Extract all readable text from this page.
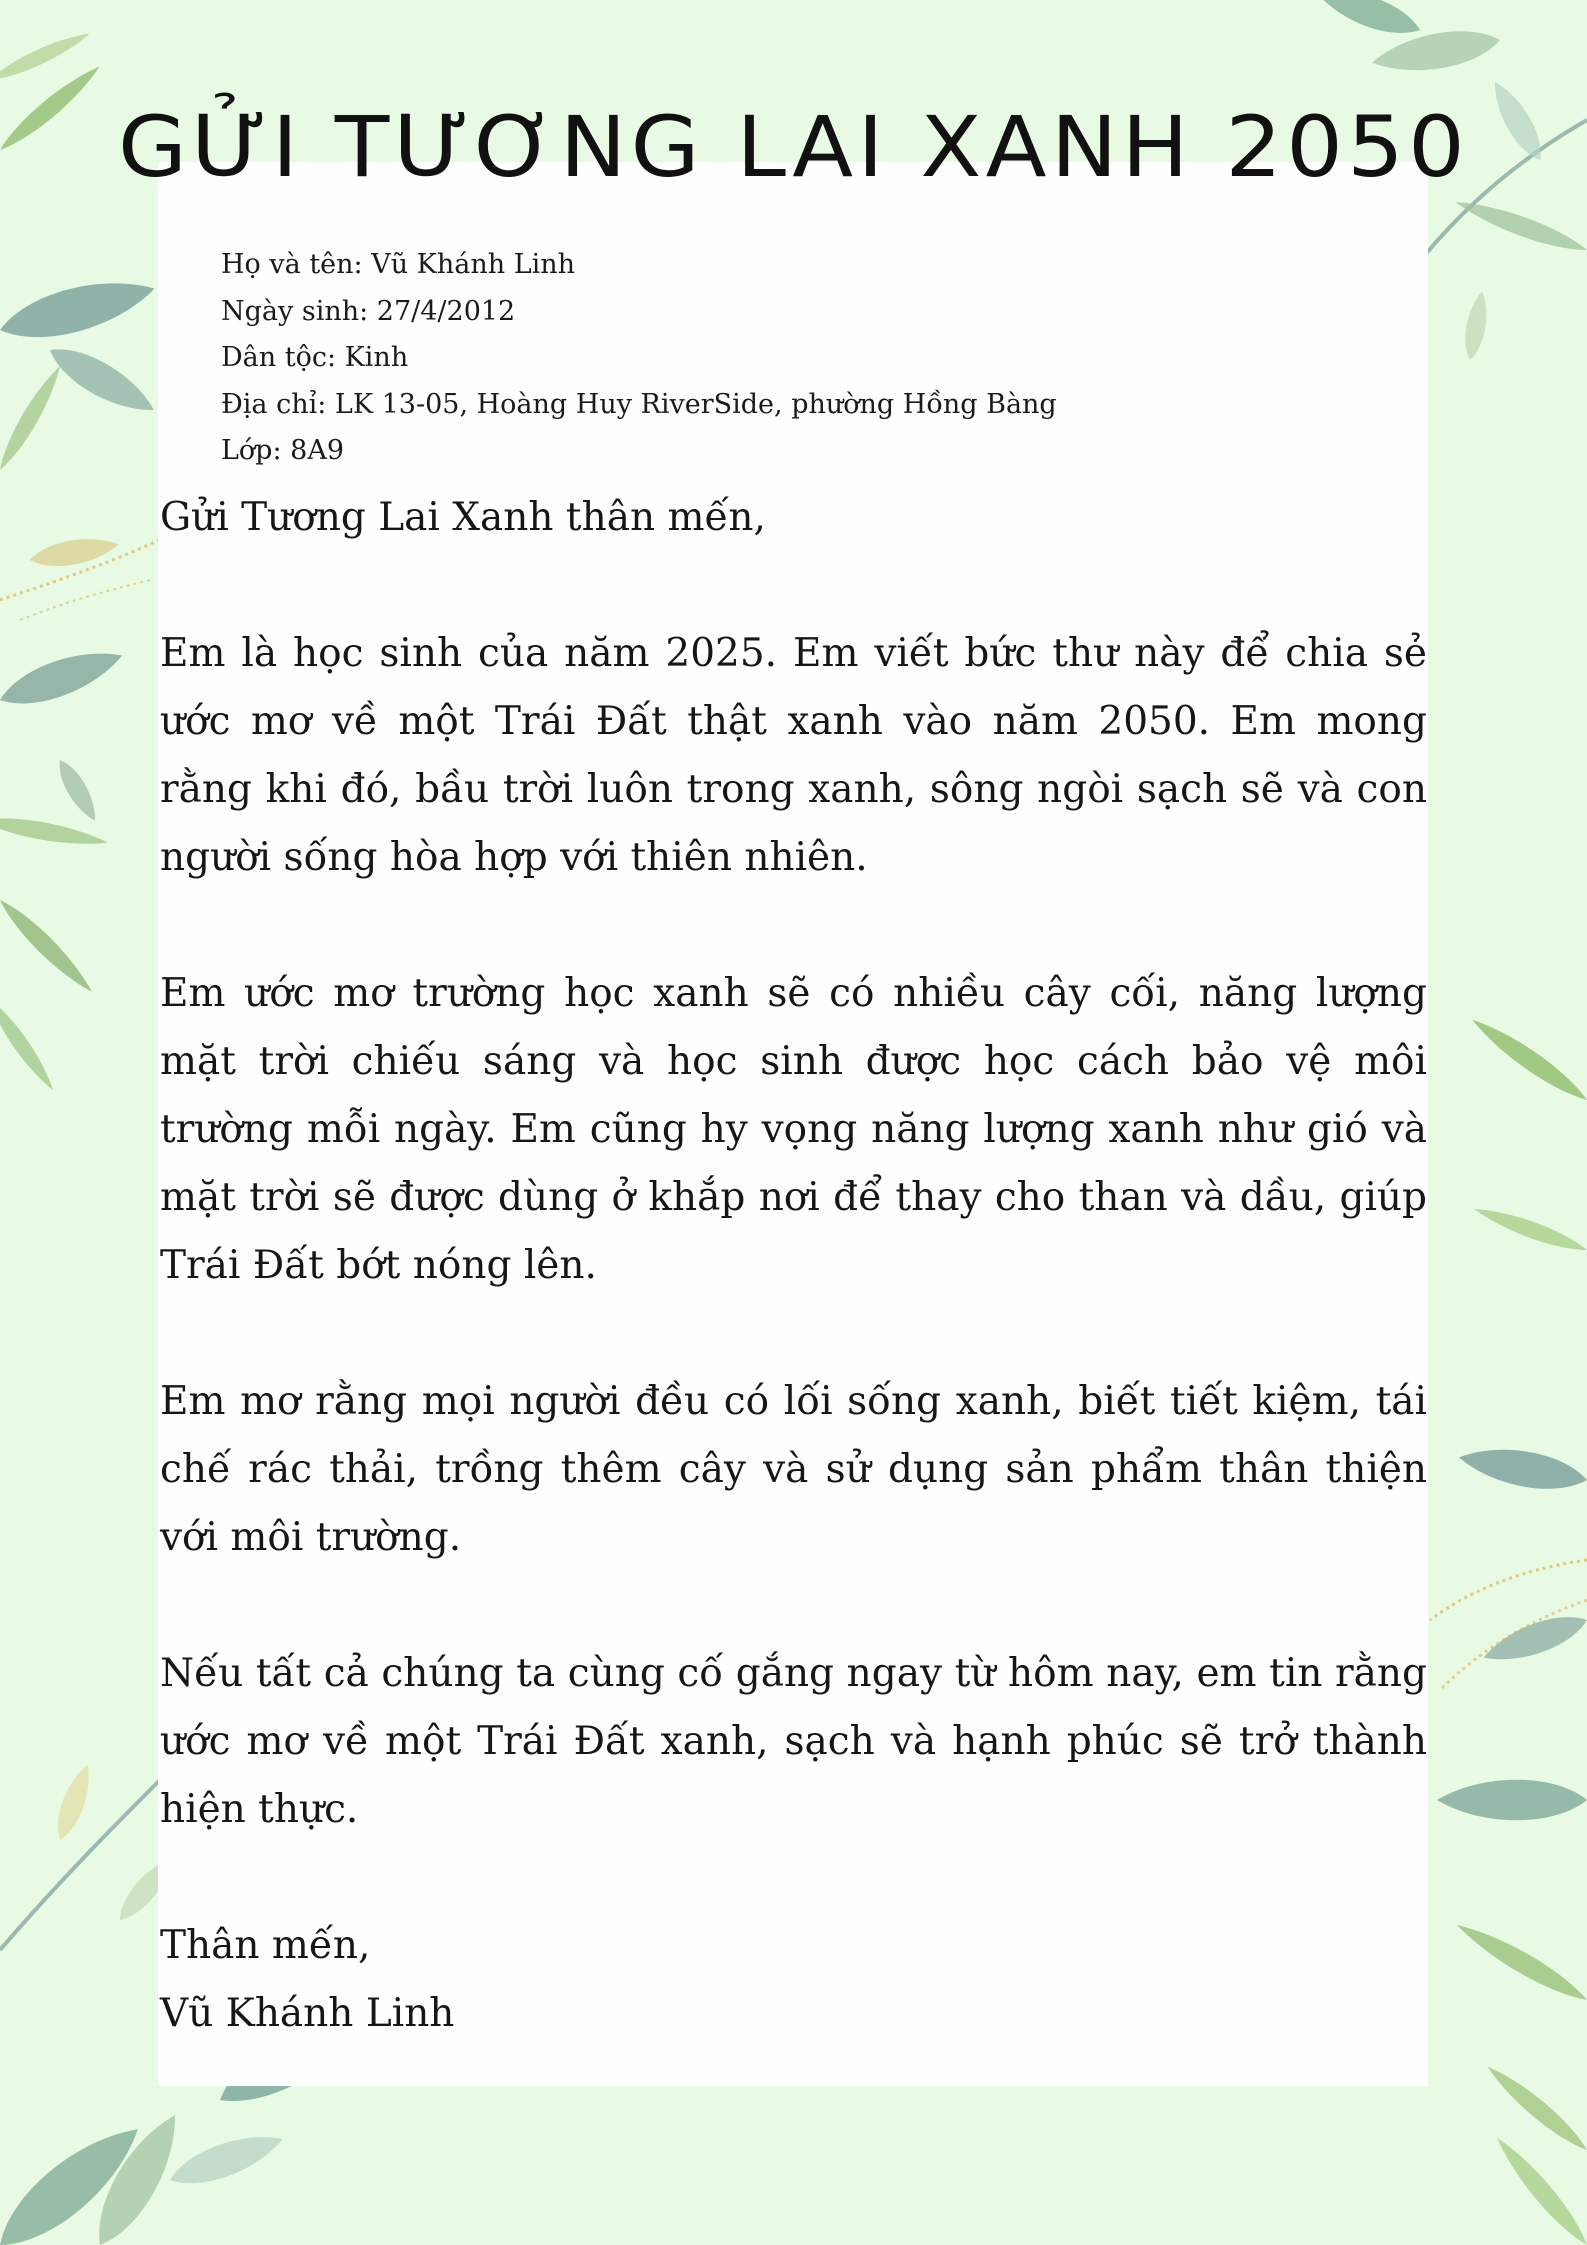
GỬI TƯƠNG LAI XANH 2050
Họ và tên: Vũ Khánh Linh
Ngày sinh: 27/4/2012
Dân tộc: Kinh
Địa chỉ: LK 13-05, Hoàng Huy RiverSide, phường Hồng Bàng
Lớp: 8A9

Gửi Tương Lai Xanh thân mến,

Em là học sinh của năm 2025. Em viết bức thư này để chia sẻ ước mơ về một Trái Đất thật xanh vào năm 2050. Em mong rằng khi đó, bầu trời luôn trong xanh, sông ngòi sạch sẽ và con người sống hòa hợp với thiên nhiên.

Em ước mơ trường học xanh sẽ có nhiều cây cối, năng lượng mặt trời chiếu sáng và học sinh được học cách bảo vệ môi trường mỗi ngày. Em cũng hy vọng năng lượng xanh như gió và mặt trời sẽ được dùng ở khắp nơi để thay cho than và dầu, giúp Trái Đất bớt nóng lên.

Em mơ rằng mọi người đều có lối sống xanh, biết tiết kiệm, tái chế rác thải, trồng thêm cây và sử dụng sản phẩm thân thiện với môi trường.

Nếu tất cả chúng ta cùng cố gắng ngay từ hôm nay, em tin rằng ước mơ về một Trái Đất xanh, sạch và hạnh phúc sẽ trở thành hiện thực.

Thân mến,
Vũ Khánh Linh
